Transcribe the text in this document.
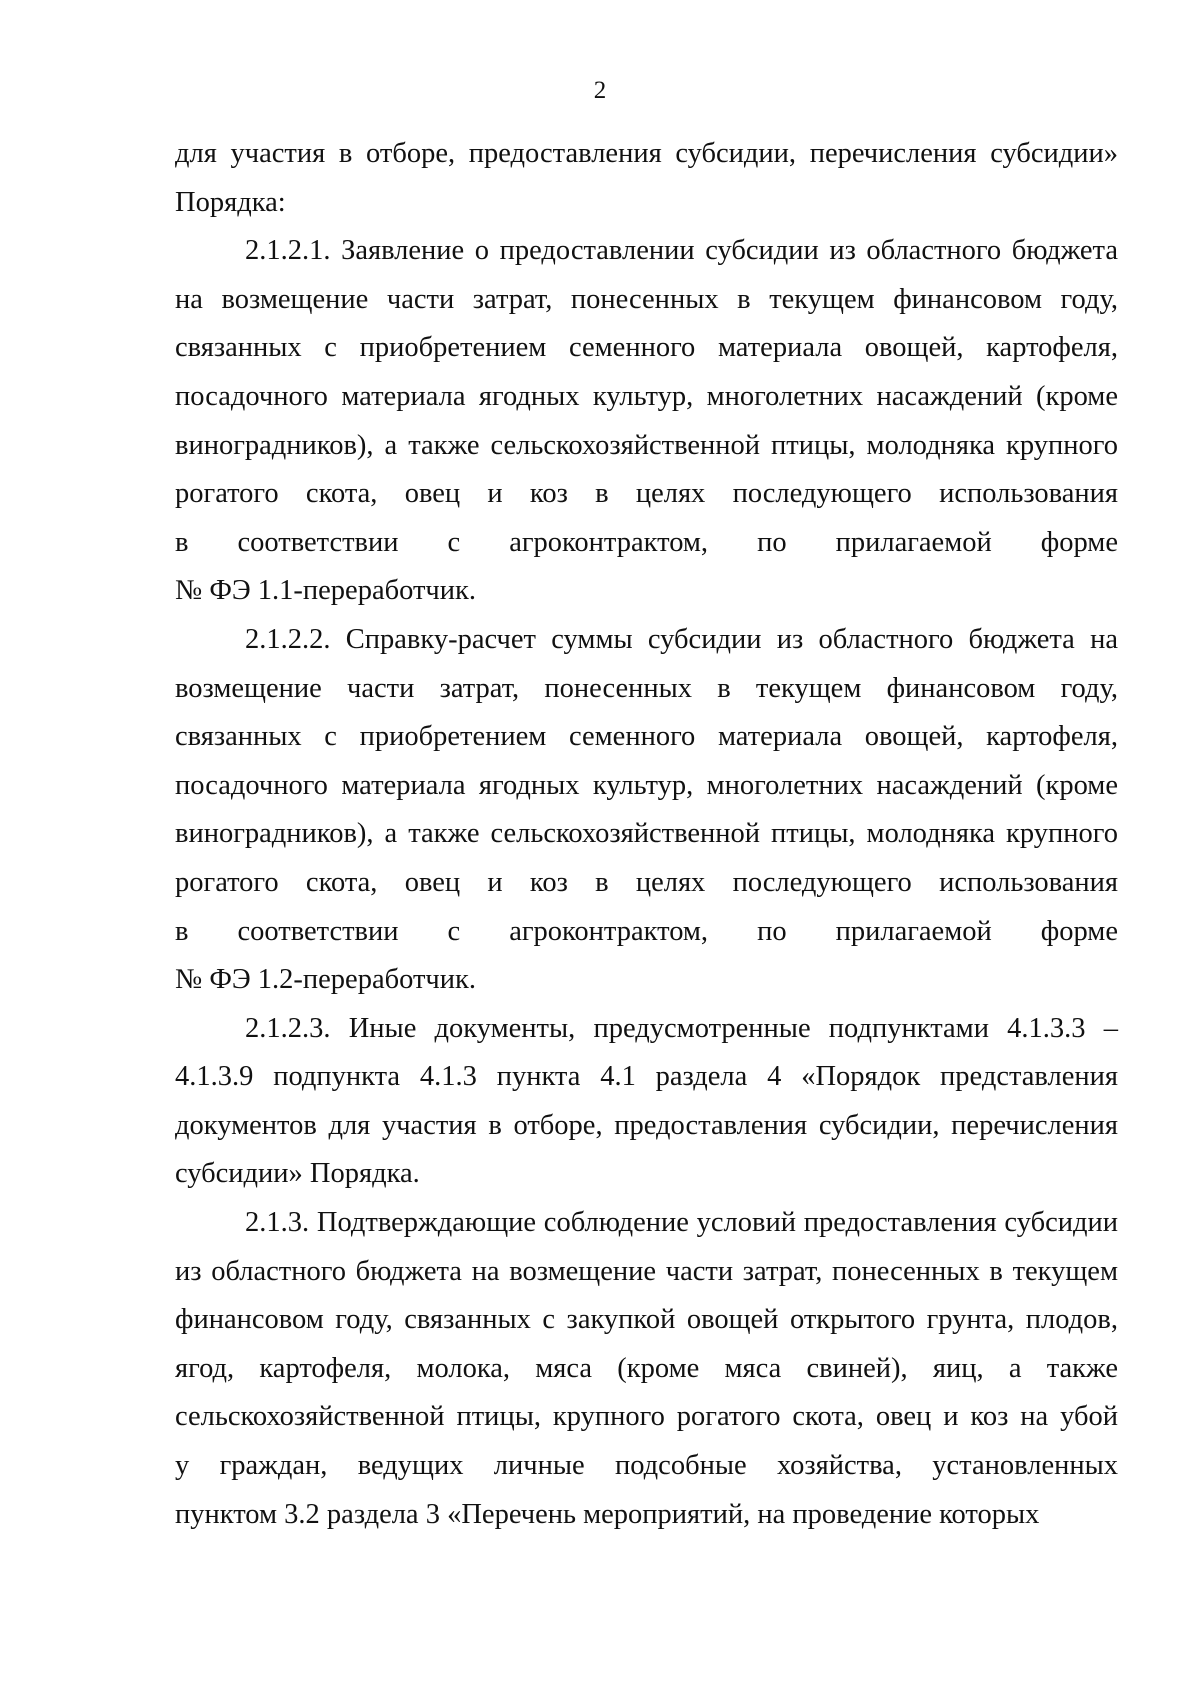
2

для участия в отборе, предоставления субсидии, перечисления субсидии»
Порядка:

2.1.2.1. Заявление о предоставлении субсидии из областного бюджета
на возмещение части затрат, понесенных в текущем финансовом году,
связанных с приобретением семенного материала овощей, картофеля,
посадочного материала ягодных культур, многолетних насаждений (кроме
виноградников), а также сельскохозяйственной птицы, молодняка крупного
рогатого скота, овец и коз в целях последующего использования
в соответствии с агроконтрактом, по прилагаемой форме
№ ФЭ 1.1-переработчик.

2.1.2.2. Справку-расчет суммы субсидии из областного бюджета на
возмещение части затрат, понесенных в текущем финансовом году,
связанных с приобретением семенного материала овощей, картофеля,
посадочного материала ягодных культур, многолетних насаждений (кроме
виноградников), а также сельскохозяйственной птицы, молодняка крупного
рогатого скота, овец и коз в целях последующего использования
в соответствии с агроконтрактом, по прилагаемой форме
№ ФЭ 1.2-переработчик.

2.1.2.3. Иные документы, предусмотренные подпунктами 4.1.3.3 –
4.1.3.9 подпункта 4.1.3 пункта 4.1 раздела 4 «Порядок представления
документов для участия в отборе, предоставления субсидии, перечисления
субсидии» Порядка.

2.1.3. Подтверждающие соблюдение условий предоставления субсидии
из областного бюджета на возмещение части затрат, понесенных в текущем
финансовом году, связанных с закупкой овощей открытого грунта, плодов,
ягод, картофеля, молока, мяса (кроме мяса свиней), яиц, а также
сельскохозяйственной птицы, крупного рогатого скота, овец и коз на убой
у граждан, ведущих личные подсобные хозяйства, установленных
пунктом 3.2 раздела 3 «Перечень мероприятий, на проведение которых
